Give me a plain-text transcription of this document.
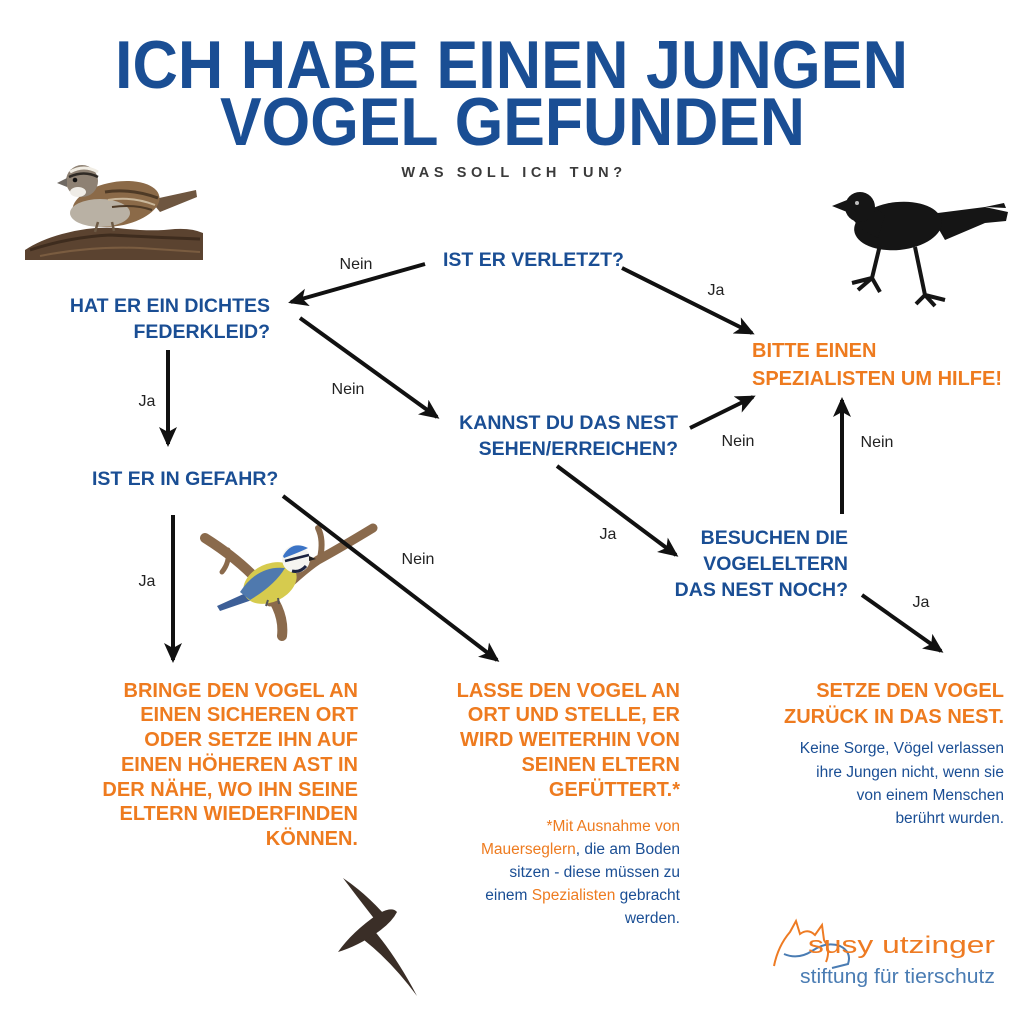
ICH HABE EINEN JUNGEN
VOGEL GEFUNDEN
WAS SOLL ICH TUN?
Nein
Ja
Ja
Nein
Nein	Nein
Nein
Ja
Ja
Ja
IST ER VERLETZT?
HAT ER EIN DICHTES
FEDERKLEID?
IST ER IN GEFAHR?
KANNST DU DAS NEST
SEHEN/ERREICHEN?
BESUCHEN DIE
VOGELELTERN
DAS NEST NOCH?
BITTE EINEN
SPEZIALISTEN UM HILFE!
BRINGE DEN VOGEL AN
EINEN SICHEREN ORT
ODER SETZE IHN AUF
EINEN HÖHEREN AST IN
DER NÄHE, WO IHN SEINE
ELTERN WIEDERFINDEN
KÖNNEN.
LASSE DEN VOGEL AN
ORT UND STELLE, ER
WIRD WEITERHIN VON
SEINEN ELTERN
GEFÜTTERT.*
*Mit Ausnahme von
Mauerseglern, die am Boden
sitzen - diese müssen zu
einem Spezialisten gebracht
werden.
SETZE DEN VOGEL
ZURÜCK IN DAS NEST.
Keine Sorge, Vögel verlassen
ihre Jungen nicht, wenn sie
von einem Menschen
berührt wurden.
susy utzinger
stiftung für tierschutz
